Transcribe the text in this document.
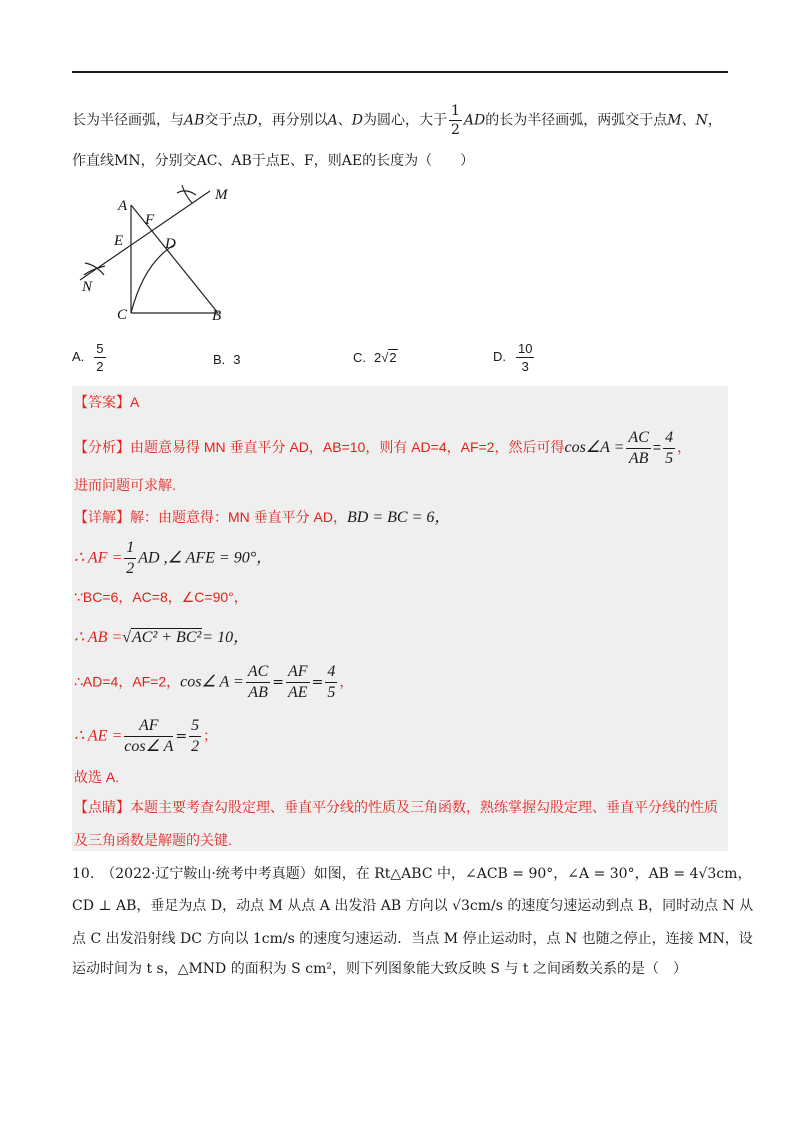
长为半径画弧，与AB交于点D，再分别以A、D为圆心，大于 $\frac{1}{2}$ AD的长为半径画弧，两弧交于点M、N，
作直线MN，分别交AC、AB于点E、F，则AE的长度为（　　）
A
F
M
E	D
N
C	B
A. $\frac{5}{2}$	B. 3	C. 2√2	D. $\frac{10}{3}$
【答案】A
【分析】由题意易得 MN 垂直平分 AD，AB=10，则有 AD=4，AF=2，然后可得cos∠A = $\frac{AC}{AB} = \frac{4}{5}$ ，
进而问题可求解.
【详解】解：由题意得：MN 垂直平分 AD，BD = BC = 6，
∴ AF = $\frac{1}{2}$ AD ,∠ AFE = 90°，
∵BC=6，AC=8，∠C=90°，
∴ AB =√AC² + BC²= 10，
∴AD=4，AF=2，cos∠ $A = \frac{AC}{AB} = \frac{AF}{AE} = \frac{4}{5}$ ，
∴ AE = $\frac{AF}{\cos\angle A} = \frac{5}{2}$ ；
故选 A.
【点睛】本题主要考查勾股定理、垂直平分线的性质及三角函数，熟练掌握勾股定理、垂直平分线的性质
及三角函数是解题的关键.
10.　（2022·辽宁鞍山·统考中考真题）如图，在 Rt△ABC 中，∠ACB = 90°，∠A = 30°，AB = 4√3cm，
CD ⊥ AB，垂足为点 D，动点 M 从点 A 出发沿 AB 方向以 √3cm/s 的速度匀速运动到点 B，同时动点 N 从
点 C 出发沿射线 DC 方向以 1cm/s 的速度匀速运动．当点 M 停止运动时，点 N 也随之停止，连接 MN，设
运动时间为 t s，△MND 的面积为 S cm²，则下列图象能大致反映 S 与 t 之间函数关系的是（　）
